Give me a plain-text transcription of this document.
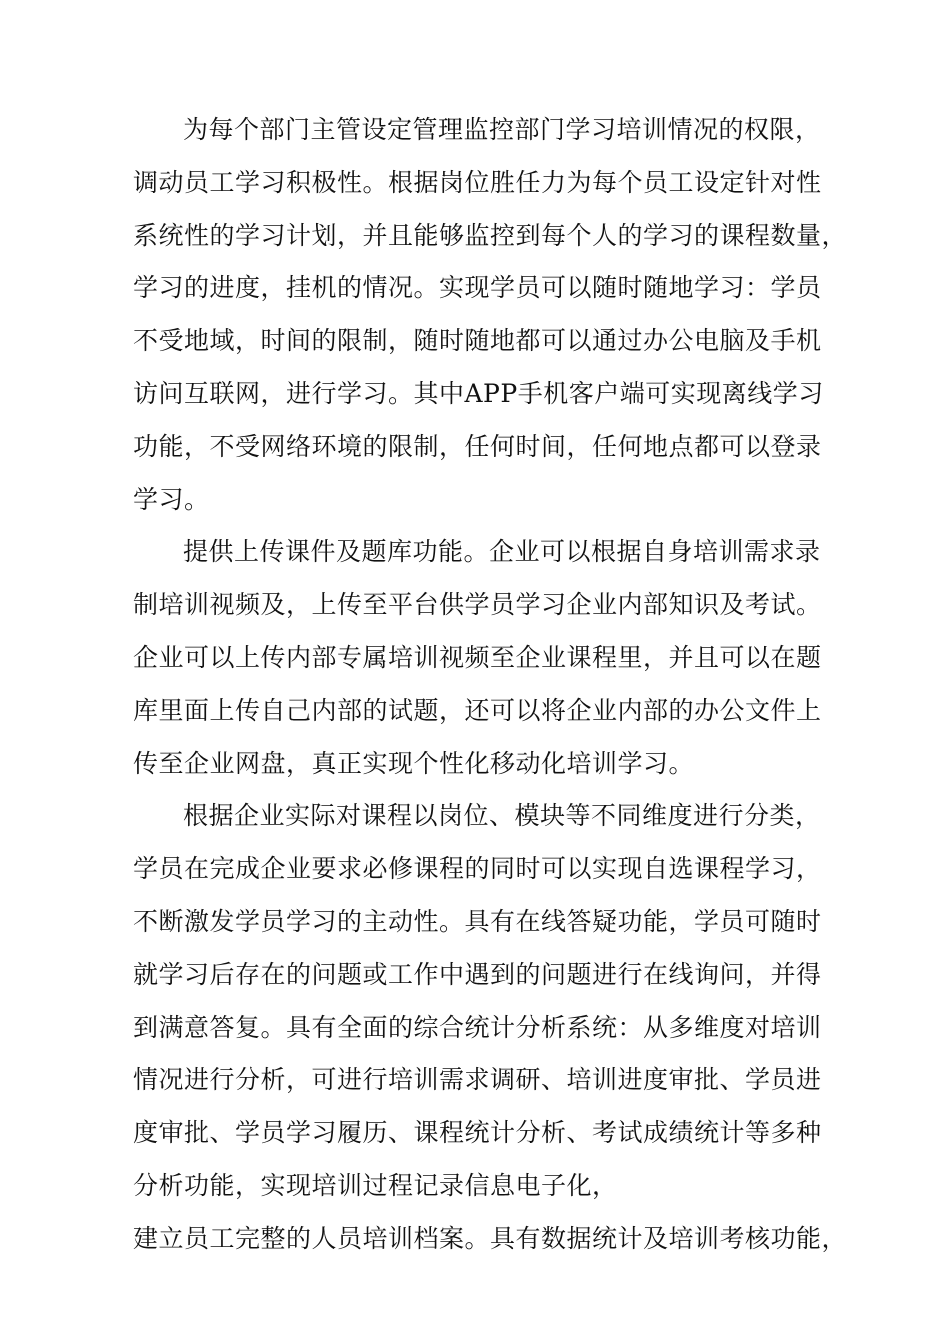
为每个部门主管设定管理监控部门学习培训情况的权限，
调动员工学习积极性。根据岗位胜任力为每个员工设定针对性
系统性的学习计划，并且能够监控到每个人的学习的课程数量，
学习的进度，挂机的情况。实现学员可以随时随地学习：学员
不受地域，时间的限制，随时随地都可以通过办公电脑及手机
访问互联网，进行学习。其中APP手机客户端可实现离线学习
功能，不受网络环境的限制，任何时间，任何地点都可以登录
学习。
提供上传课件及题库功能。企业可以根据自身培训需求录
制培训视频及，上传至平台供学员学习企业内部知识及考试。
企业可以上传内部专属培训视频至企业课程里，并且可以在题
库里面上传自己内部的试题，还可以将企业内部的办公文件上
传至企业网盘，真正实现个性化移动化培训学习。
根据企业实际对课程以岗位、模块等不同维度进行分类，
学员在完成企业要求必修课程的同时可以实现自选课程学习，
不断激发学员学习的主动性。具有在线答疑功能，学员可随时
就学习后存在的问题或工作中遇到的问题进行在线询问，并得
到满意答复。具有全面的综合统计分析系统：从多维度对培训
情况进行分析，可进行培训需求调研、培训进度审批、学员进
度审批、学员学习履历、课程统计分析、考试成绩统计等多种
分析功能，实现培训过程记录信息电子化，
建立员工完整的人员培训档案。具有数据统计及培训考核功能，
